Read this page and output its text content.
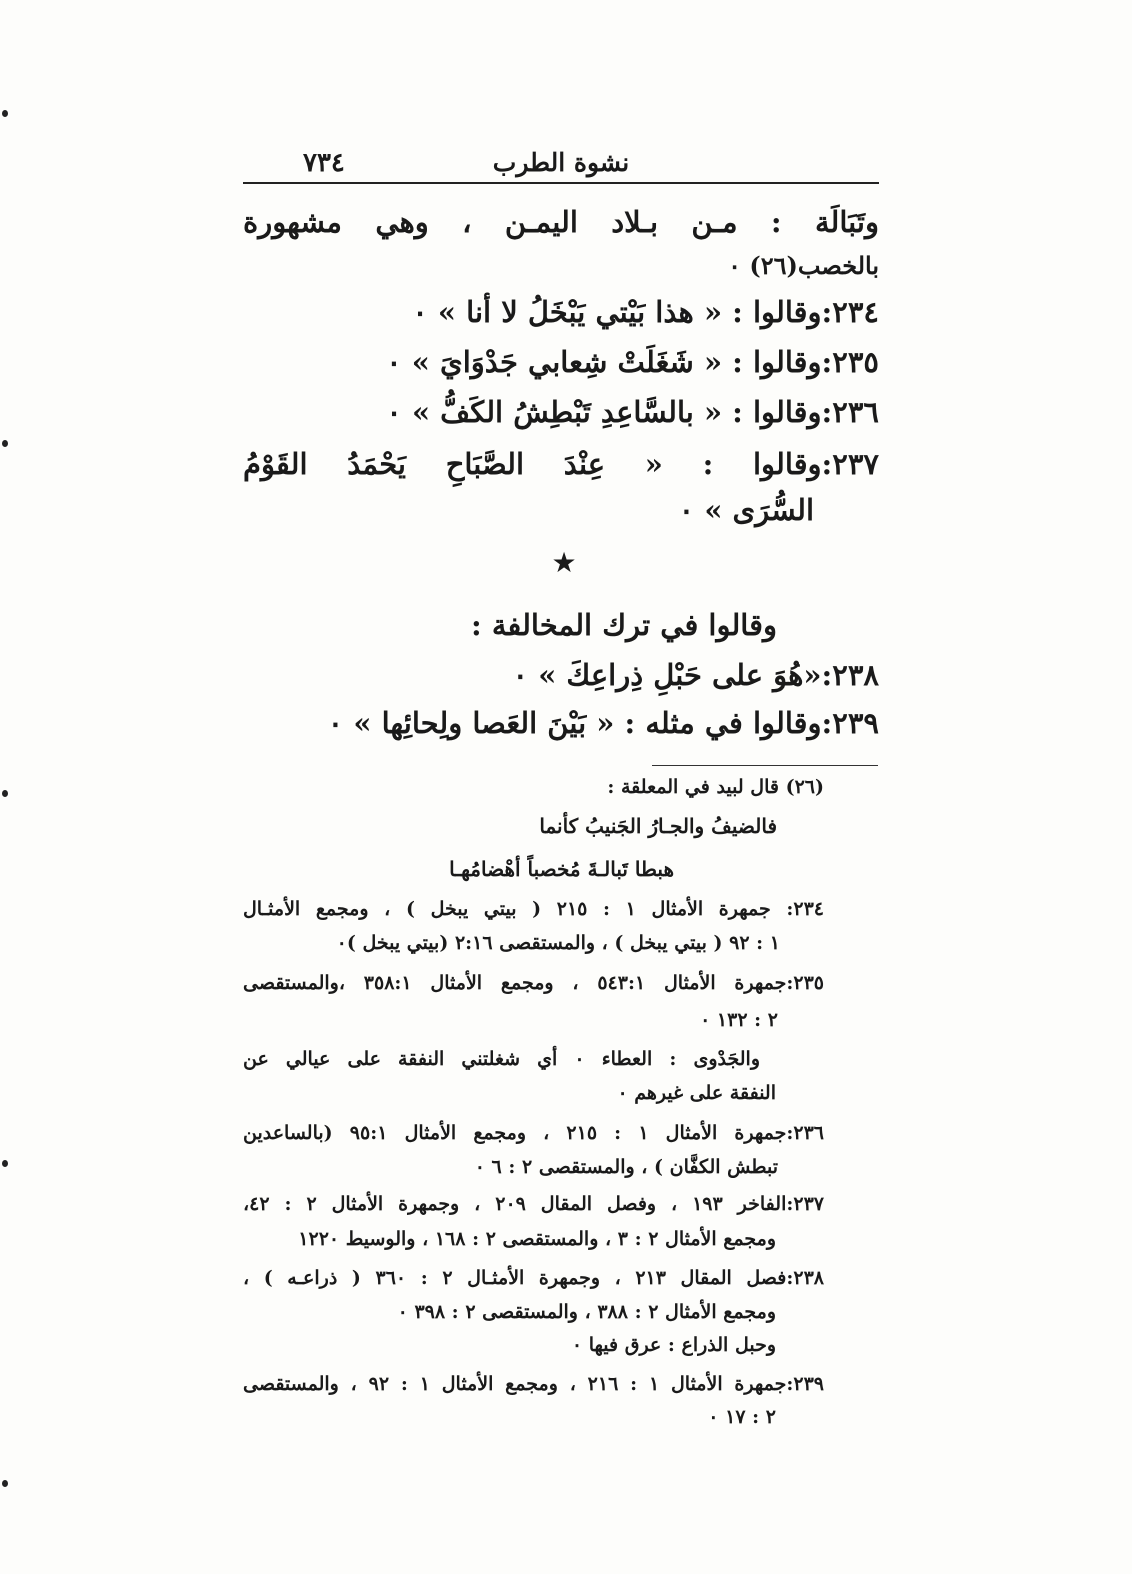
٧٣٤	نشوة الطرب
وتَبَالَة : مـن بـلاد اليمـن ، وهي مشهورة
بالخصب(٢٦) ٠
٢٣٤:وقالوا : « هذا بَيْتي يَبْخَلُ لا أنا » ٠
٢٣٥:وقالوا : « شَغَلَتْ شِعابي جَدْوَايَ » ٠
٢٣٦:وقالوا : « بالسَّاعِدِ تَبْطِشُ الكَفُّ » ٠
٢٣٧:وقالوا : « عِنْدَ الصَّبَاحِ يَحْمَدُ القَوْمُ
السُّرَى » ٠
★
وقالوا في ترك المخالفة :
٢٣٨:«هُوَ على حَبْلِ ذِراعِكَ » ٠
٢٣٩:وقالوا في مثله : « بَيْنَ العَصا ولِحائِها » ٠
(٢٦) قال لبيد في المعلقة :
فالضيفُ والجـارُ الجَنيبُ كأنما
هبطا تَبالـةَ مُخصباً أهْضامُهـا
٢٣٤: جمهرة الأمثال ١ : ٢١٥ ( بيتي يبخل ) ، ومجمع الأمثـال
١ : ٩٢ ( بيتي يبخل ) ، والمستقصى ٢:١٦ (بيتي يبخل )٠
٢٣٥:جمهرة الأمثال ٥٤٣:١ ، ومجمع الأمثال ٣٥٨:١ ،والمستقصى
٢ : ١٣٢ ٠
والجَدْوى : العطاء ٠ أي شغلتني النفقة على عيالي عن
النفقة على غيرهم ٠
٢٣٦:جمهرة الأمثال ١ : ٢١٥ ، ومجمع الأمثال ٩٥:١ (بالساعدين
تبطش الكفَّان ) ، والمستقصى ٢ : ٦ ٠
٢٣٧:الفاخر ١٩٣ ، وفصل المقال ٢٠٩ ، وجمهرة الأمثال ٢ : ٤٢،
ومجمع الأمثال ٢ : ٣ ، والمستقصى ٢ : ١٦٨ ، والوسيط ١٢٢٠
٢٣٨:فصل المقال ٢١٣ ، وجمهرة الأمثـال ٢ : ٣٦٠ ( ذراعـه ) ،
ومجمع الأمثال ٢ : ٣٨٨ ، والمستقصى ٢ : ٣٩٨ ٠
وحبل الذراع : عرق فيها ٠
٢٣٩:جمهرة الأمثال ١ : ٢١٦ ، ومجمع الأمثال ١ : ٩٢ ، والمستقصى
٢ : ١٧ ٠
